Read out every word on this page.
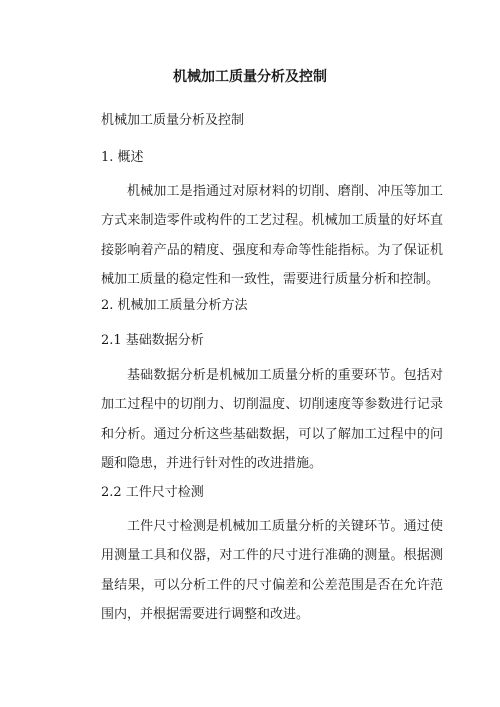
机械加工质量分析及控制

机械加工质量分析及控制

1. 概述

机械加工是指通过对原材料的切削、磨削、冲压等加工方式来制造零件或构件的工艺过程。机械加工质量的好坏直接影响着产品的精度、强度和寿命等性能指标。为了保证机械加工质量的稳定性和一致性，需要进行质量分析和控制。

2. 机械加工质量分析方法

2.1 基础数据分析

基础数据分析是机械加工质量分析的重要环节。包括对加工过程中的切削力、切削温度、切削速度等参数进行记录和分析。通过分析这些基础数据，可以了解加工过程中的问题和隐患，并进行针对性的改进措施。

2.2 工件尺寸检测

工件尺寸检测是机械加工质量分析的关键环节。通过使用测量工具和仪器，对工件的尺寸进行准确的测量。根据测量结果，可以分析工件的尺寸偏差和公差范围是否在允许范围内，并根据需要进行调整和改进。
